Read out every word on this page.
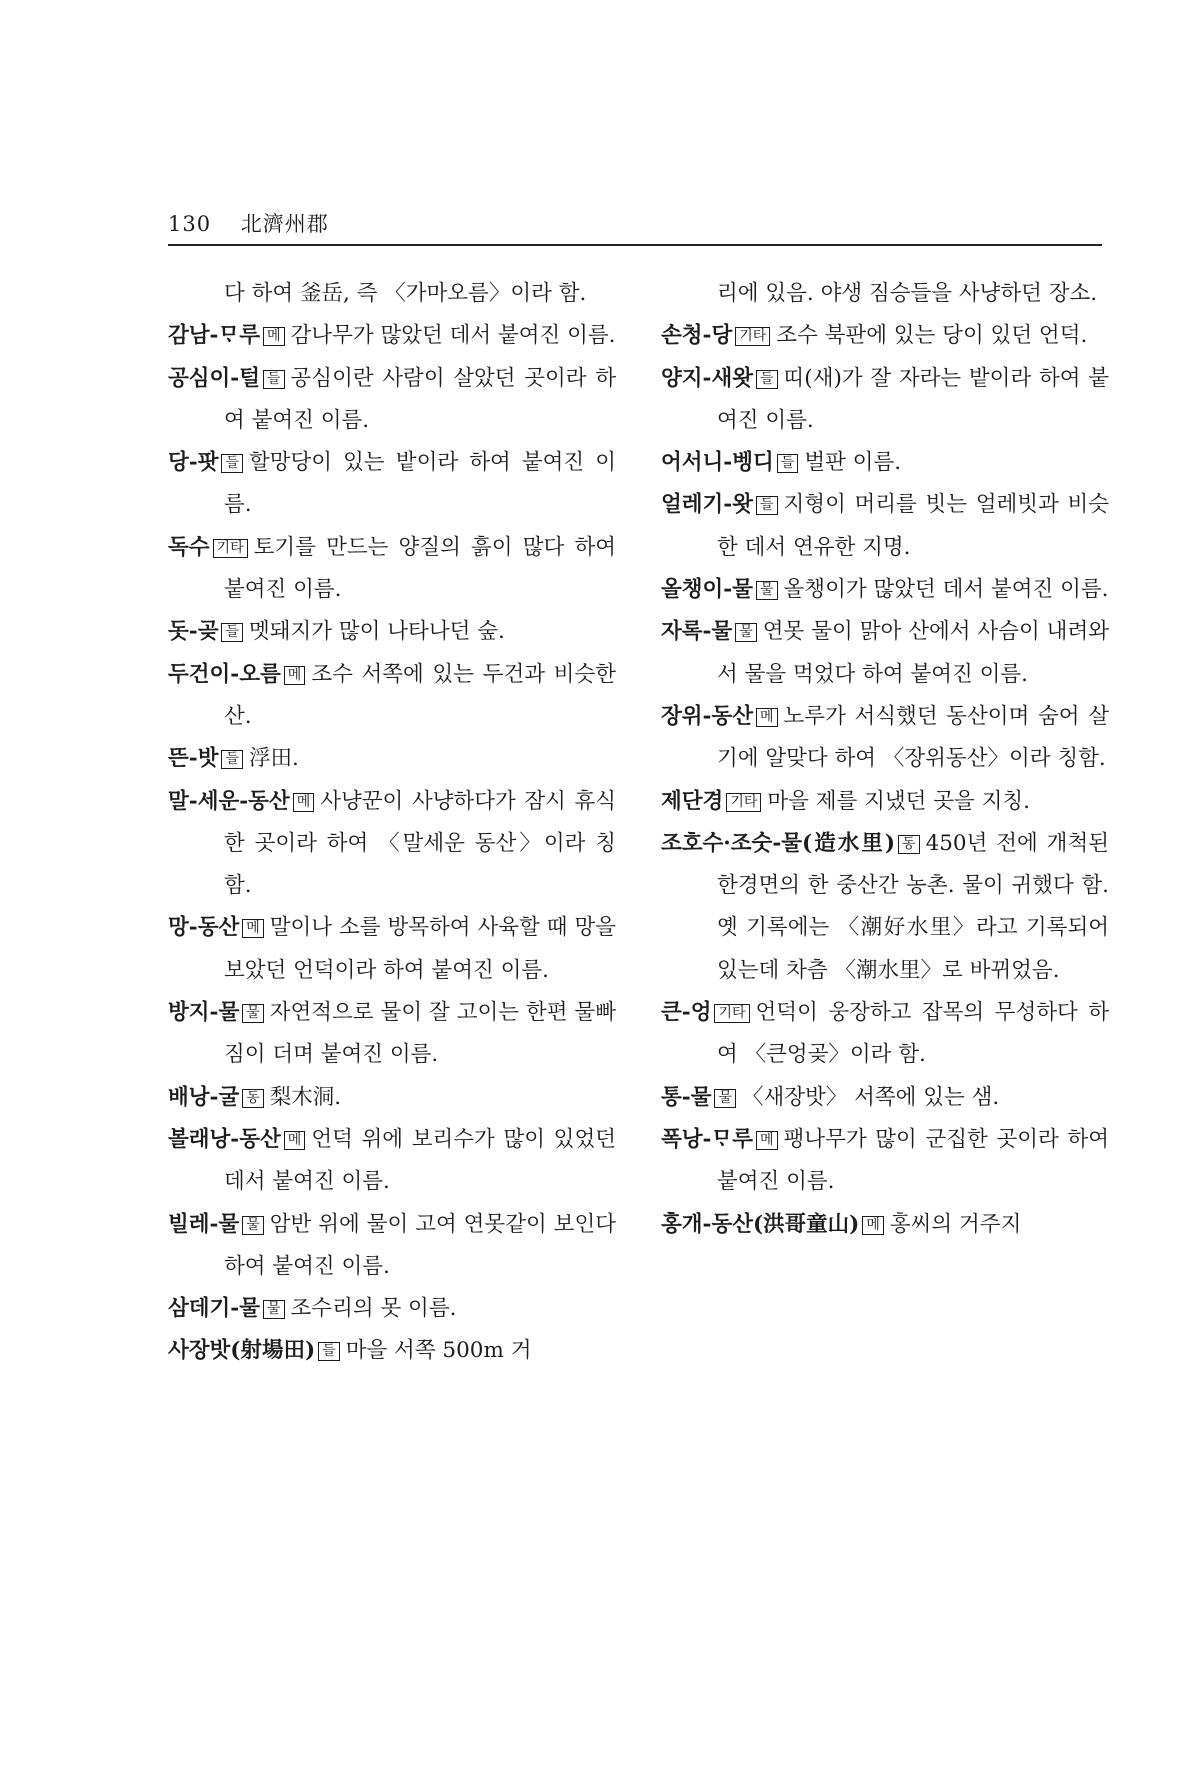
130 北濟州郡
다 하여 釜岳, 즉 〈가마오름〉이라 함.
감남-ᄆᆞ루 메 감나무가 많았던 데서 붙여진 이름.
공심이-털 들 공심이란 사람이 살았던 곳이라 하여 붙여진 이름.
당-팟 들 할망당이 있는 밭이라 하여 붙여진 이름.
독수 기타 토기를 만드는 양질의 흙이 많다 하여 붙여진 이름.
돗-곶 들 멧돼지가 많이 나타나던 숲.
두건이-오름 메 조수 서쪽에 있는 두건과 비슷한 산.
뜬-밧 들 浮田.
말-세운-동산 메 사냥꾼이 사냥하다가 잠시 휴식한 곳이라 하여 〈말세운 동산〉이라 칭함.
망-동산 메 말이나 소를 방목하여 사육할 때 망을 보았던 언덕이라 하여 붙여진 이름.
방지-물 물 자연적으로 물이 잘 고이는 한편 물빠짐이 더며 붙여진 이름.
배낭-굴 동 梨木洞.
볼래낭-동산 메 언덕 위에 보리수가 많이 있었던 데서 붙여진 이름.
빌레-물 물 암반 위에 물이 고여 연못같이 보인다 하여 붙여진 이름.
삼데기-물 물 조수리의 못 이름.
사장밧(射場田) 들 마을 서쪽 500m 거
리에 있음. 야생 짐승들을 사냥하던 장소.
손청-당 기타 조수 북판에 있는 당이 있던 언덕.
양지-새왓 들 띠(새)가 잘 자라는 밭이라 하여 붙여진 이름.
어서니-벵디 들 벌판 이름.
얼레기-왓 들 지형이 머리를 빗는 얼레빗과 비슷한 데서 연유한 지명.
올챙이-물 물 올챙이가 많았던 데서 붙여진 이름.
자록-물 물 연못 물이 맑아 산에서 사슴이 내려와서 물을 먹었다 하여 붙여진 이름.
장위-동산 메 노루가 서식했던 동산이며 숨어 살기에 알맞다 하여 〈장위동산〉이라 칭함.
제단경 기타 마을 제를 지냈던 곳을 지칭.
조호수·조숫-물(造水里) 동 450년 전에 개척된 한경면의 한 중산간 농촌. 물이 귀했다 함. 옛 기록에는 〈潮好水里〉라고 기록되어 있는데 차츰 〈潮水里〉로 바뀌었음.
큰-엉 기타 언덕이 웅장하고 잡목의 무성하다 하여 〈큰엉곶〉이라 함.
통-물 물 〈새장밧〉 서쪽에 있는 샘.
폭낭-ᄆᆞ루 메 팽나무가 많이 군집한 곳이라 하여 붙여진 이름.
홍개-동산(洪哥童山) 메 홍씨의 거주지
